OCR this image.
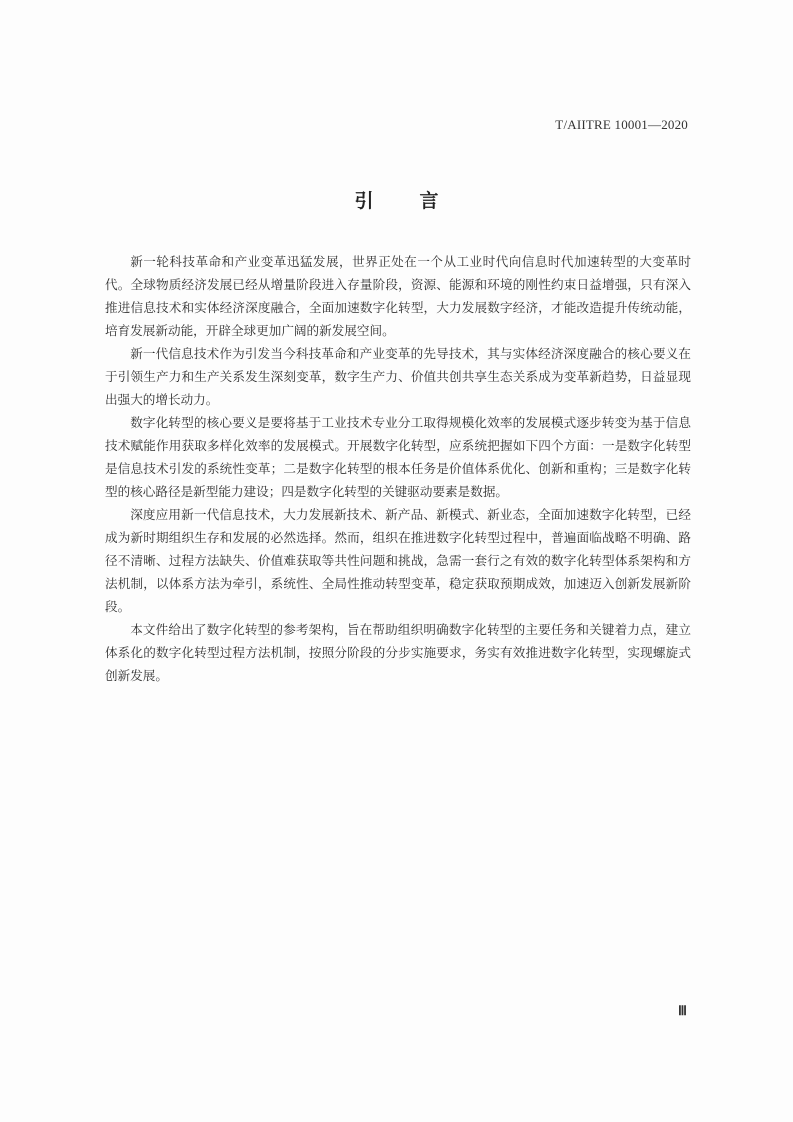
T/AIITRE 10001—2020
引 言

新一轮科技革命和产业变革迅猛发展，世界正处在一个从工业时代向信息时代加速转型的大变革时代。全球物质经济发展已经从增量阶段进入存量阶段，资源、能源和环境的刚性约束日益增强，只有深入推进信息技术和实体经济深度融合，全面加速数字化转型，大力发展数字经济，才能改造提升传统动能，培育发展新动能，开辟全球更加广阔的新发展空间。

新一代信息技术作为引发当今科技革命和产业变革的先导技术，其与实体经济深度融合的核心要义在于引领生产力和生产关系发生深刻变革，数字生产力、价值共创共享生态关系成为变革新趋势，日益显现出强大的增长动力。

数字化转型的核心要义是要将基于工业技术专业分工取得规模化效率的发展模式逐步转变为基于信息技术赋能作用获取多样化效率的发展模式。开展数字化转型，应系统把握如下四个方面：一是数字化转型是信息技术引发的系统性变革；二是数字化转型的根本任务是价值体系优化、创新和重构；三是数字化转型的核心路径是新型能力建设；四是数字化转型的关键驱动要素是数据。

深度应用新一代信息技术，大力发展新技术、新产品、新模式、新业态，全面加速数字化转型，已经成为新时期组织生存和发展的必然选择。然而，组织在推进数字化转型过程中，普遍面临战略不明确、路径不清晰、过程方法缺失、价值难获取等共性问题和挑战，急需一套行之有效的数字化转型体系架构和方法机制，以体系方法为牵引，系统性、全局性推动转型变革，稳定获取预期成效，加速迈入创新发展新阶段。

本文件给出了数字化转型的参考架构，旨在帮助组织明确数字化转型的主要任务和关键着力点，建立体系化的数字化转型过程方法机制，按照分阶段的分步实施要求，务实有效推进数字化转型，实现螺旋式创新发展。

Ⅲ
